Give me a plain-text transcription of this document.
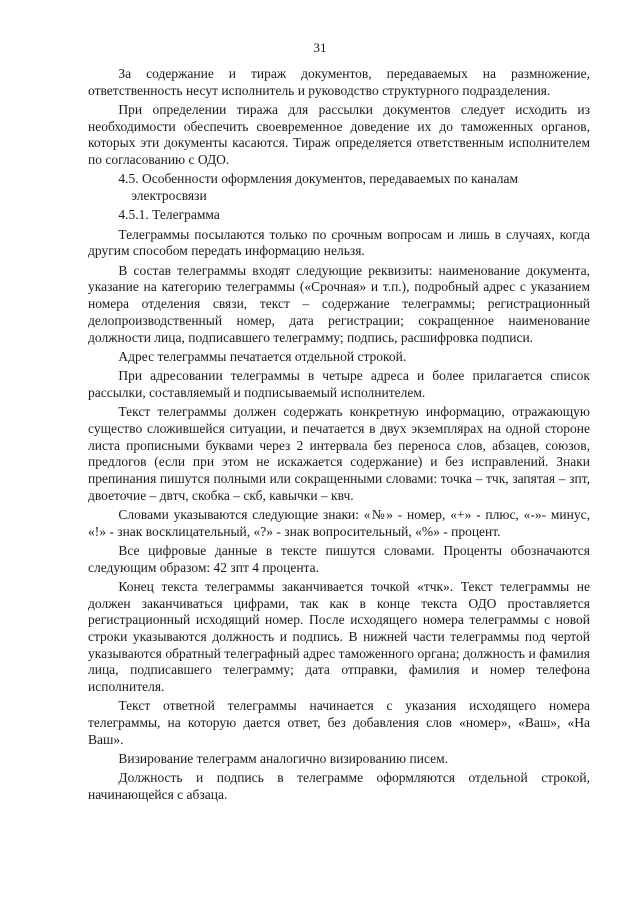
31

За содержание и тираж документов, передаваемых на размножение, ответственность несут исполнитель и руководство структурного подразделения.

При определении тиража для рассылки документов следует исходить из необходимости обеспечить своевременное доведение их до таможенных органов, которых эти документы касаются. Тираж определяется ответственным исполнителем по согласованию с ОДО.

4.5. Особенности оформления документов, передаваемых по каналам
электросвязи

4.5.1. Телеграмма

Телеграммы посылаются только по срочным вопросам и лишь в случаях, когда другим способом передать информацию нельзя.

В состав телеграммы входят следующие реквизиты: наименование документа, указание на категорию телеграммы («Срочная» и т.п.), подробный адрес с указанием номера отделения связи, текст – содержание телеграммы; регистрационный делопроизводственный номер, дата регистрации; сокращенное наименование должности лица, подписавшего телеграмму; подпись, расшифровка подписи.

Адрес телеграммы печатается отдельной строкой.

При адресовании телеграммы в четыре адреса и более прилагается список рассылки, составляемый и подписываемый исполнителем.

Текст телеграммы должен содержать конкретную информацию, отражающую существо сложившейся ситуации, и печатается в двух экземплярах на одной стороне листа прописными буквами через 2 интервала без переноса слов, абзацев, союзов, предлогов (если при этом не искажается содержание) и без исправлений. Знаки препинания пишутся полными или сокращенными словами: точка – тчк, запятая – зпт, двоеточие – двтч, скобка – скб, кавычки – квч.

Словами указываются следующие знаки: «№» - номер, «+» - плюс, «-»- минус, «!» - знак восклицательный, «?» - знак вопросительный, «%» - процент.

Все цифровые данные в тексте пишутся словами. Проценты обозначаются следующим образом: 42 зпт 4 процента.

Конец текста телеграммы заканчивается точкой «тчк». Текст телеграммы не должен заканчиваться цифрами, так как в конце текста ОДО проставляется регистрационный исходящий номер. После исходящего номера телеграммы с новой строки указываются должность и подпись. В нижней части телеграммы под чертой указываются обратный телеграфный адрес таможенного органа; должность и фамилия лица, подписавшего телеграмму; дата отправки, фамилия и номер телефона исполнителя.

Текст ответной телеграммы начинается с указания исходящего номера телеграммы, на которую дается ответ, без добавления слов «номер», «Ваш», «На Ваш».

Визирование телеграмм аналогично визированию писем.

Должность и подпись в телеграмме оформляются отдельной строкой, начинающейся с абзаца.
